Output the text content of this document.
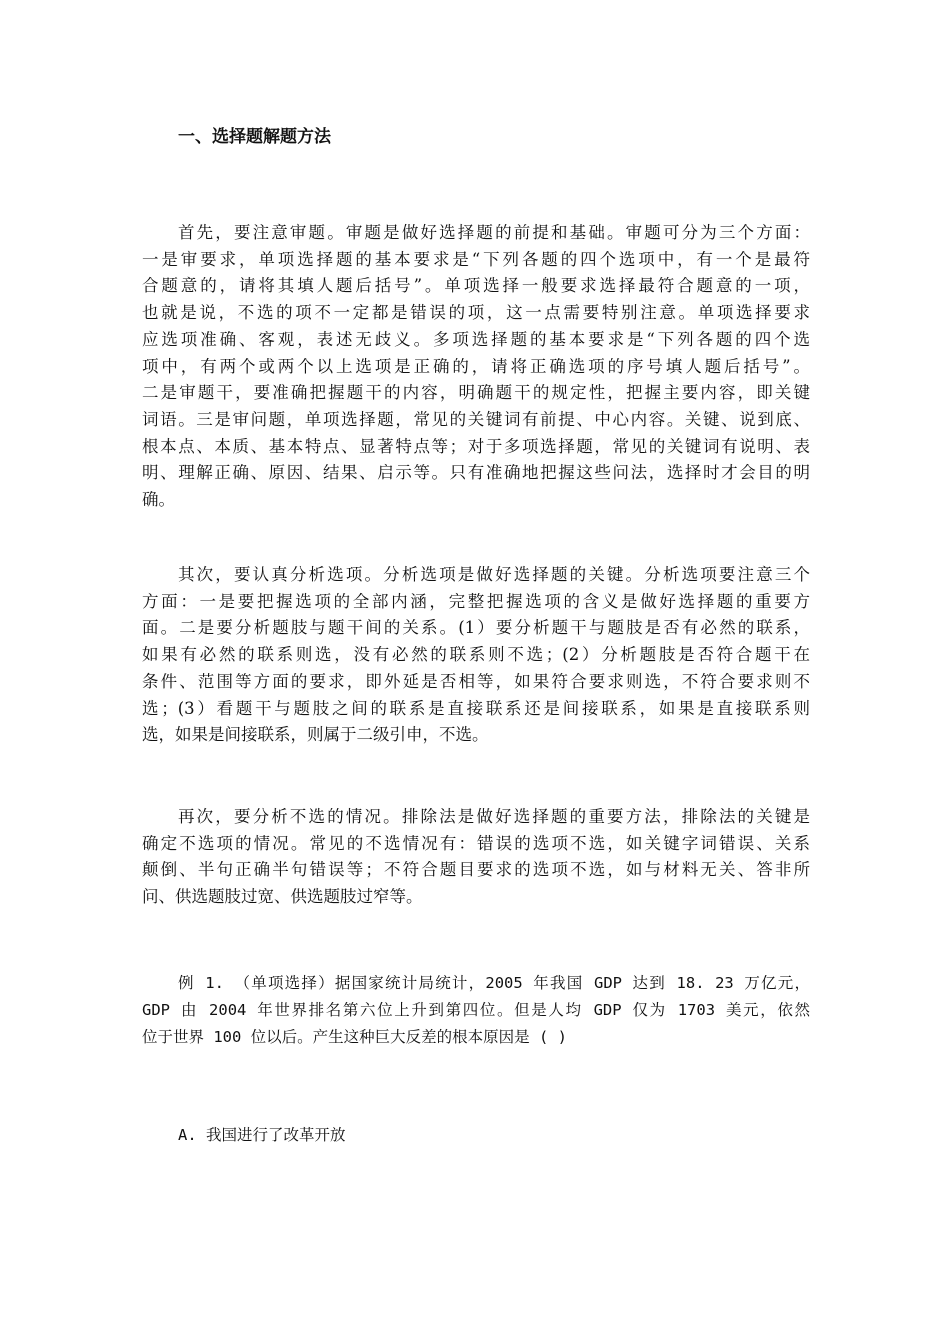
一、选择题解题方法
首先，要注意审题。审题是做好选择题的前提和基础。审题可分为三个方面：
一是审要求，单项选择题的基本要求是“下列各题的四个选项中，有一个是最符
合题意的，请将其填人题后括号”。单项选择一般要求选择最符合题意的一项，
也就是说，不选的项不一定都是错误的项，这一点需要特别注意。单项选择要求
应选项准确、客观，表述无歧义。多项选择题的基本要求是“下列各题的四个选
项中，有两个或两个以上选项是正确的，请将正确选项的序号填人题后括号”。
二是审题干，要准确把握题干的内容，明确题干的规定性，把握主要内容，即关键
词语。三是审问题，单项选择题，常见的关键词有前提、中心内容。关键、说到底、
根本点、本质、基本特点、显著特点等；对于多项选择题，常见的关键词有说明、表
明、理解正确、原因、结果、启示等。只有准确地把握这些问法，选择时才会目的明
确。
其次，要认真分析选项。分析选项是做好选择题的关键。分析选项要注意三个
方面：一是要把握选项的全部内涵，完整把握选项的含义是做好选择题的重要方
面。二是要分析题肢与题干间的关系。(1）要分析题干与题肢是否有必然的联系，
如果有必然的联系则选，没有必然的联系则不选；(2）分析题肢是否符合题干在
条件、范围等方面的要求，即外延是否相等，如果符合要求则选，不符合要求则不
选；(3）看题干与题肢之间的联系是直接联系还是间接联系，如果是直接联系则
选，如果是间接联系，则属于二级引申，不选。
再次，要分析不选的情况。排除法是做好选择题的重要方法，排除法的关键是
确定不选项的情况。常见的不选情况有：错误的选项不选，如关键字词错误、关系
颠倒、半句正确半句错误等；不符合题目要求的选项不选，如与材料无关、答非所
问、供选题肢过宽、供选题肢过窄等。
例 1. （单项选择）据国家统计局统计，2005 年我国 GDP 达到 18. 23 万亿元，
GDP 由 2004 年世界排名第六位上升到第四位。但是人均 GDP 仅为 1703 美元，依然
位于世界 100 位以后。产生这种巨大反差的根本原因是 ( )
A. 我国进行了改革开放
